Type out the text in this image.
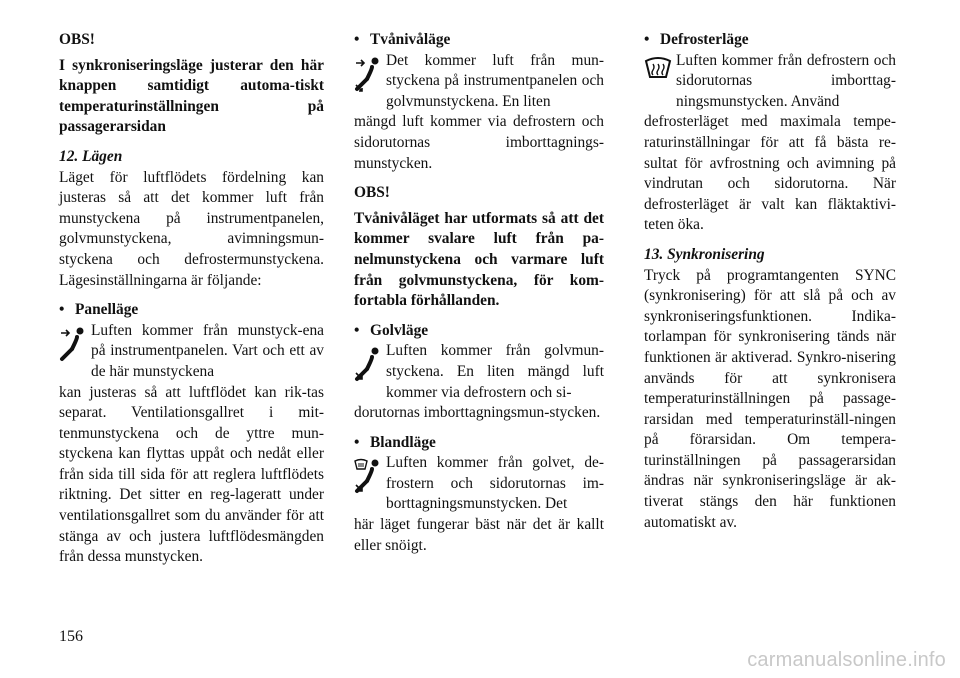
OBS!

I synkroniseringsläge justerar den här knappen samtidigt automa-tiskt temperaturinställningen på passagerarsidan

12. Lägen

Läget för luftflödets fördelning kan justeras så att det kommer luft från munstyckena på instrumentpanelen, golvmunstyckena, avimningsmun-styckena och defrostermunstyckena. Lägesinställningarna är följande:

• Panelläge

Luften kommer från munstyck-ena på instrumentpanelen. Vart och ett av de här munstyckena

kan justeras så att luftflödet kan rik-tas separat. Ventilationsgallret i mit-tenmunstyckena och de yttre mun-styckena kan flyttas uppåt och nedåt eller från sida till sida för att reglera luftflödets riktning. Det sitter en reg-lageratt under ventilationsgallret som du använder för att stänga av och justera luftflödesmängden från dessa munstycken.

• Tvånivåläge

Det kommer luft från mun-styckena på instrumentpanelen och golvmunstyckena. En liten

mängd luft kommer via defrostern och sidorutornas imborttagnings-munstycken.

OBS!

Tvånivåläget har utformats så att det kommer svalare luft från pa-nelmunstyckena och varmare luft från golvmunstyckena, för kom-fortabla förhållanden.

• Golvläge

Luften kommer från golvmun-styckena. En liten mängd luft kommer via defrostern och si-

dorutornas imborttagningsmun-stycken.

• Blandläge

Luften kommer från golvet, de-frostern och sidorutornas im-borttagningsmunstycken. Det

här läget fungerar bäst när det är kallt eller snöigt.

• Defrosterläge

Luften kommer från defrostern och sidorutornas imborttag-ningsmunstycken. Använd

defrosterläget med maximala tempe-raturinställningar för att få bästa re-sultat för avfrostning och avimning på vindrutan och sidorutorna. När defrosterläget är valt kan fläktaktivi-teten öka.

13. Synkronisering

Tryck på programtangenten SYNC (synkronisering) för att slå på och av synkroniseringsfunktionen. Indika-torlampan för synkronisering tänds när funktionen är aktiverad. Synkro-nisering används för att synkronisera temperaturinställningen på passage-rarsidan med temperaturinställ-ningen på förarsidan. Om tempera-turinställningen på passagerarsidan ändras när synkroniseringsläge är ak-tiverat stängs den här funktionen automatiskt av.

156
carmanualsonline.info
